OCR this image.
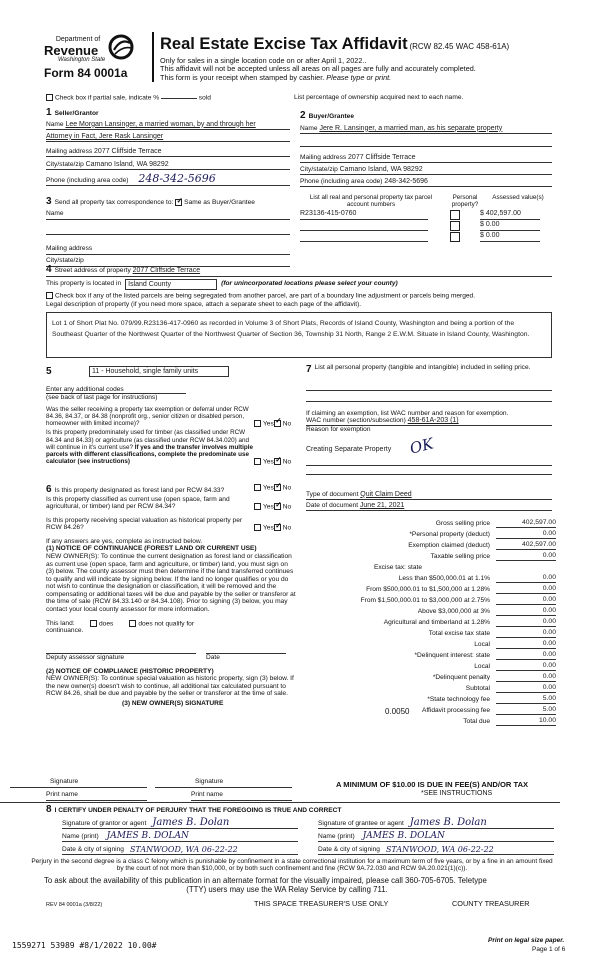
Department of
Revenue
Washington State
Form 84 0001a
Real Estate Excise Tax Affidavit (RCW 82.45 WAC 458-61A)
Only for sales in a single location code on or after April 1, 2022..
This affidavit will not be accepted unless all areas on all pages are fully and accurately completed.
This form is your receipt when stamped by cashier. Please type or print.
Check box if partial sale, indicate %	sold	List percentage of ownership acquired next to each name.
1 Seller/Grantor
Name Lee Morgan Lansinger, a married woman, by and through her
Attorney in Fact, Jere Rask Lansinger
Mailing address 2077 Cliffside Terrace
City/state/zip Camano Island, WA 98292
Phone (including area code) 248-342-5696
2 Buyer/Grantee
Name Jere R. Lansinger, a married man, as his separate property
Mailing address 2077 Cliffside Terrace
City/state/zip Camano Island, WA 98292
Phone (including area code) 248-342-5696
3 Send all property tax correspondence to: ✓ Same as Buyer/Grantee
Name
Mailing address
City/state/zip
List all real and personal property tax parcel account numbers
Personal property?
Assessed value(s)
R23136-415-0760	$ 402,597.00
$ 0.00
$ 0.00
4 Street address of property 2077 Cliffside Terrace
This property is located in	Island County	(for unincorporated locations please select your county)
Check box if any of the listed parcels are being segregated from another parcel, are part of a boundary line adjustment or parcels being merged.
Legal description of property (if you need more space, attach a separate sheet to each page of the affidavit).
Lot 1 of Short Plat No. 079/99.R23136-417-0960 as recorded in Volume 3 of Short Plats, Records of Island County, Washington and being a portion of the Southeast Quarter of the Northwest Quarter of the Northwest Quarter of Section 36, Township 31 North, Range 2 E.W.M. Situate in Island County, Washington.
5	11 - Household, single family units
Enter any additional codes
(see back of last page for instructions)
Was the seller receiving a property tax exemption or deferral under RCW 84.36, 84.37, or 84.38 (nonprofit org., senior citizen or disabled person, homeowner with limited income)?	Yes ✓ No
Is this property predominately used for timber (as classified under RCW 84.34 and 84.33) or agriculture (as classified under RCW 84.34.020) and will continue in it's current use? If yes and the transfer involves multiple parcels with different classifications, complete the predominate use calculator (see instructions)	Yes ✓ No
6 Is this property designated as forest land per RCW 84.33?	Yes ✓ No
Is this property classified as current use (open space, farm and agricultural, or timber) land per RCW 84.34?	Yes ✓ No
Is this property receiving special valuation as historical property per RCW 84.26?	Yes ✓ No
If any answers are yes, complete as instructed below.
(1) NOTICE OF CONTINUANCE (FOREST LAND OR CURRENT USE)
NEW OWNER(S): To continue the current designation as forest land or classification as current use (open space, farm and agriculture, or timber) land, you must sign on (3) below. The county assessor must then determine if the land transferred continues to qualify and will indicate by signing below. If the land no longer qualifies or you do not wish to continue the designation or classification, it will be removed and the compensating or additional taxes will be due and payable by the seller or transferor at the time of sale (RCW 84.33.140 or 84.34.108). Prior to signing (3) below, you may contact your local county assessor for more information.
This land:	does	does not qualify for
continuance.
Deputy assessor signature	Date
(2) NOTICE OF COMPLIANCE (HISTORIC PROPERTY)
NEW OWNER(S): To continue special valuation as historic property, sign (3) below. If the new owner(s) doesn't wish to continue, all additional tax calculated pursuant to RCW 84.26, shall be due and payable by the seller or transferor at the time of sale.
(3) NEW OWNER(S) SIGNATURE
Signature
Print name
Signature
Print name
7 List all personal property (tangible and intangible) included in selling price.
If claiming an exemption, list WAC number and reason for exemption.
WAC number (section/subsection) 458-61A-203 (1)
Reason for exemption
Creating Separate Property OK
Type of document Quit Claim Deed
Date of document June 21, 2021
Gross selling price	402,597.00
*Personal property (deduct)	0.00
Exemption claimed (deduct)	402,597.00
Taxable selling price	0.00
Excise tax: state
Less than $500,000.01 at 1.1%	0.00
From $500,000.01 to $1,500,000 at 1.28%	0.00
From $1,500,000.01 to $3,000,000 at 2.75%	0.00
Above $3,000,000 at 3%	0.00
Agricultural and timberland at 1.28%	0.00
Total excise tax state	0.00
Local	0.00
*Delinquent interest: state	0.00
Local	0.00
*Delinquent penalty	0.00
Subtotal	0.00
*State technology fee	5.00
Affidavit processing fee	5.00
Total due	10.00
0.0050
A MINIMUM OF $10.00 IS DUE IN FEE(S) AND/OR TAX
*SEE INSTRUCTIONS
8 I CERTIFY UNDER PENALTY OF PERJURY THAT THE FOREGOING IS TRUE AND CORRECT
Signature of grantor or agent James B. Dolan
Name (print) JAMES B. DOLAN
Date & city of signing STANWOOD, WA 06-22-22
Signature of grantee or agent James B. Dolan
Name (print) JAMES B. DOLAN
Date & city of signing STANWOOD, WA 06-22-22
Perjury in the second degree is a class C felony which is punishable by confinement in a state correctional institution for a maximum term of five years, or by a fine in an amount fixed by the court of not more than $10,000, or by both such confinement and fine (RCW 9A.72.030 and RCW 9A.20.021(1)(c)).
To ask about the availability of this publication in an alternate format for the visually impaired, please call 360-705-6705. Teletype
(TTY) users may use the WA Relay Service by calling 711.
REV 84 0001a (3/8/22)	THIS SPACE TREASURER'S USE ONLY	COUNTY TREASURER
1559271 53989 #8/1/2022 10.00#
Print on legal size paper.
Page 1 of 6
